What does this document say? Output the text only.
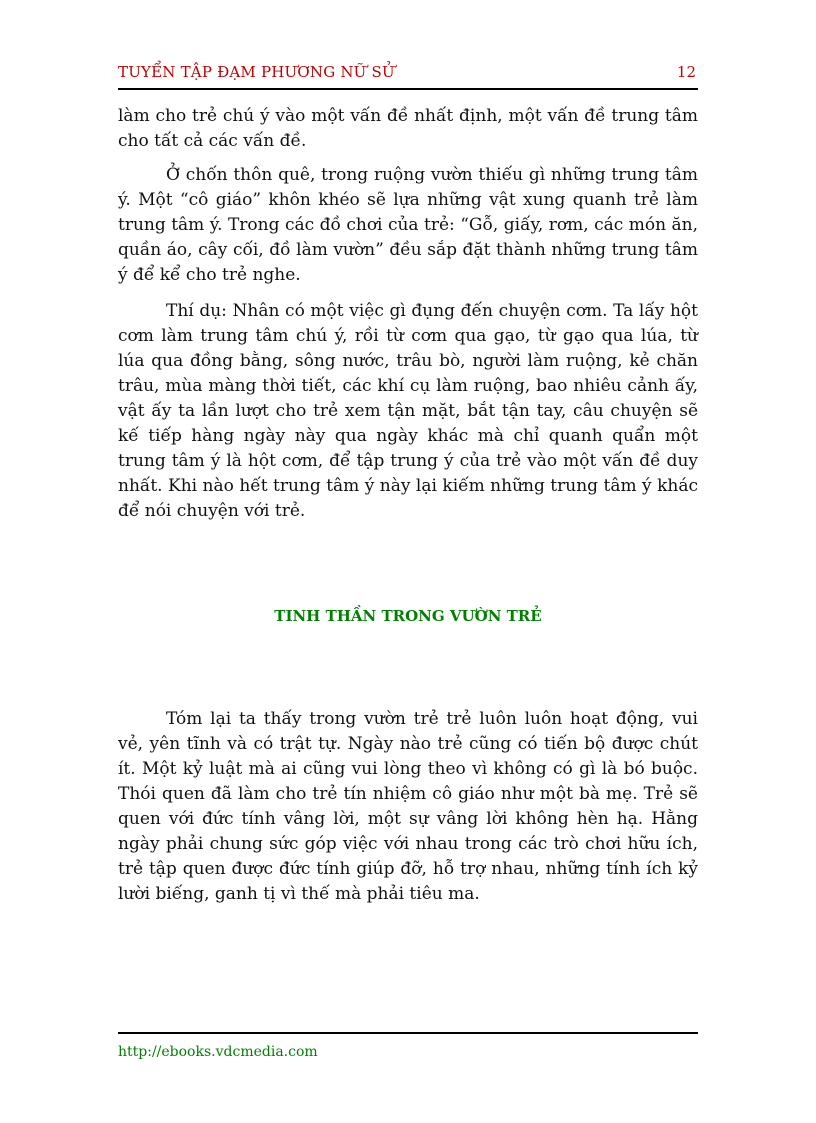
TUYỂN TẬP ĐẠM PHƯƠNG NỮ SỬ	12

làm cho trẻ chú ý vào một vấn đề nhất định, một vấn đề trung tâm cho tất cả các vấn đề.

Ở chốn thôn quê, trong ruộng vườn thiếu gì những trung tâm ý. Một “cô giáo” khôn khéo sẽ lựa những vật xung quanh trẻ làm trung tâm ý. Trong các đồ chơi của trẻ: “Gỗ, giấy, rơm, các món ăn, quần áo, cây cối, đồ làm vườn” đều sắp đặt thành những trung tâm ý để kể cho trẻ nghe.

Thí dụ: Nhân có một việc gì đụng đến chuyện cơm. Ta lấy hột cơm làm trung tâm chú ý, rồi từ cơm qua gạo, từ gạo qua lúa, từ lúa qua đồng bằng, sông nước, trâu bò, người làm ruộng, kẻ chăn trâu, mùa màng thời tiết, các khí cụ làm ruộng, bao nhiêu cảnh ấy, vật ấy ta lần lượt cho trẻ xem tận mặt, bắt tận tay, câu chuyện sẽ kế tiếp hàng ngày này qua ngày khác mà chỉ quanh quẩn một trung tâm ý là hột cơm, để tập trung ý của trẻ vào một vấn đề duy nhất. Khi nào hết trung tâm ý này lại kiếm những trung tâm ý khác để nói chuyện với trẻ.

TINH THẦN TRONG VƯỜN TRẺ

Tóm lại ta thấy trong vườn trẻ trẻ luôn luôn hoạt động, vui vẻ, yên tĩnh và có trật tự. Ngày nào trẻ cũng có tiến bộ được chút ít. Một kỷ luật mà ai cũng vui lòng theo vì không có gì là bó buộc. Thói quen đã làm cho trẻ tín nhiệm cô giáo như một bà mẹ. Trẻ sẽ quen với đức tính vâng lời, một sự vâng lời không hèn hạ. Hằng ngày phải chung sức góp việc với nhau trong các trò chơi hữu ích, trẻ tập quen được đức tính giúp đỡ, hỗ trợ nhau, những tính ích kỷ lười biếng, ganh tị vì thế mà phải tiêu ma.

http://ebooks.vdcmedia.com
